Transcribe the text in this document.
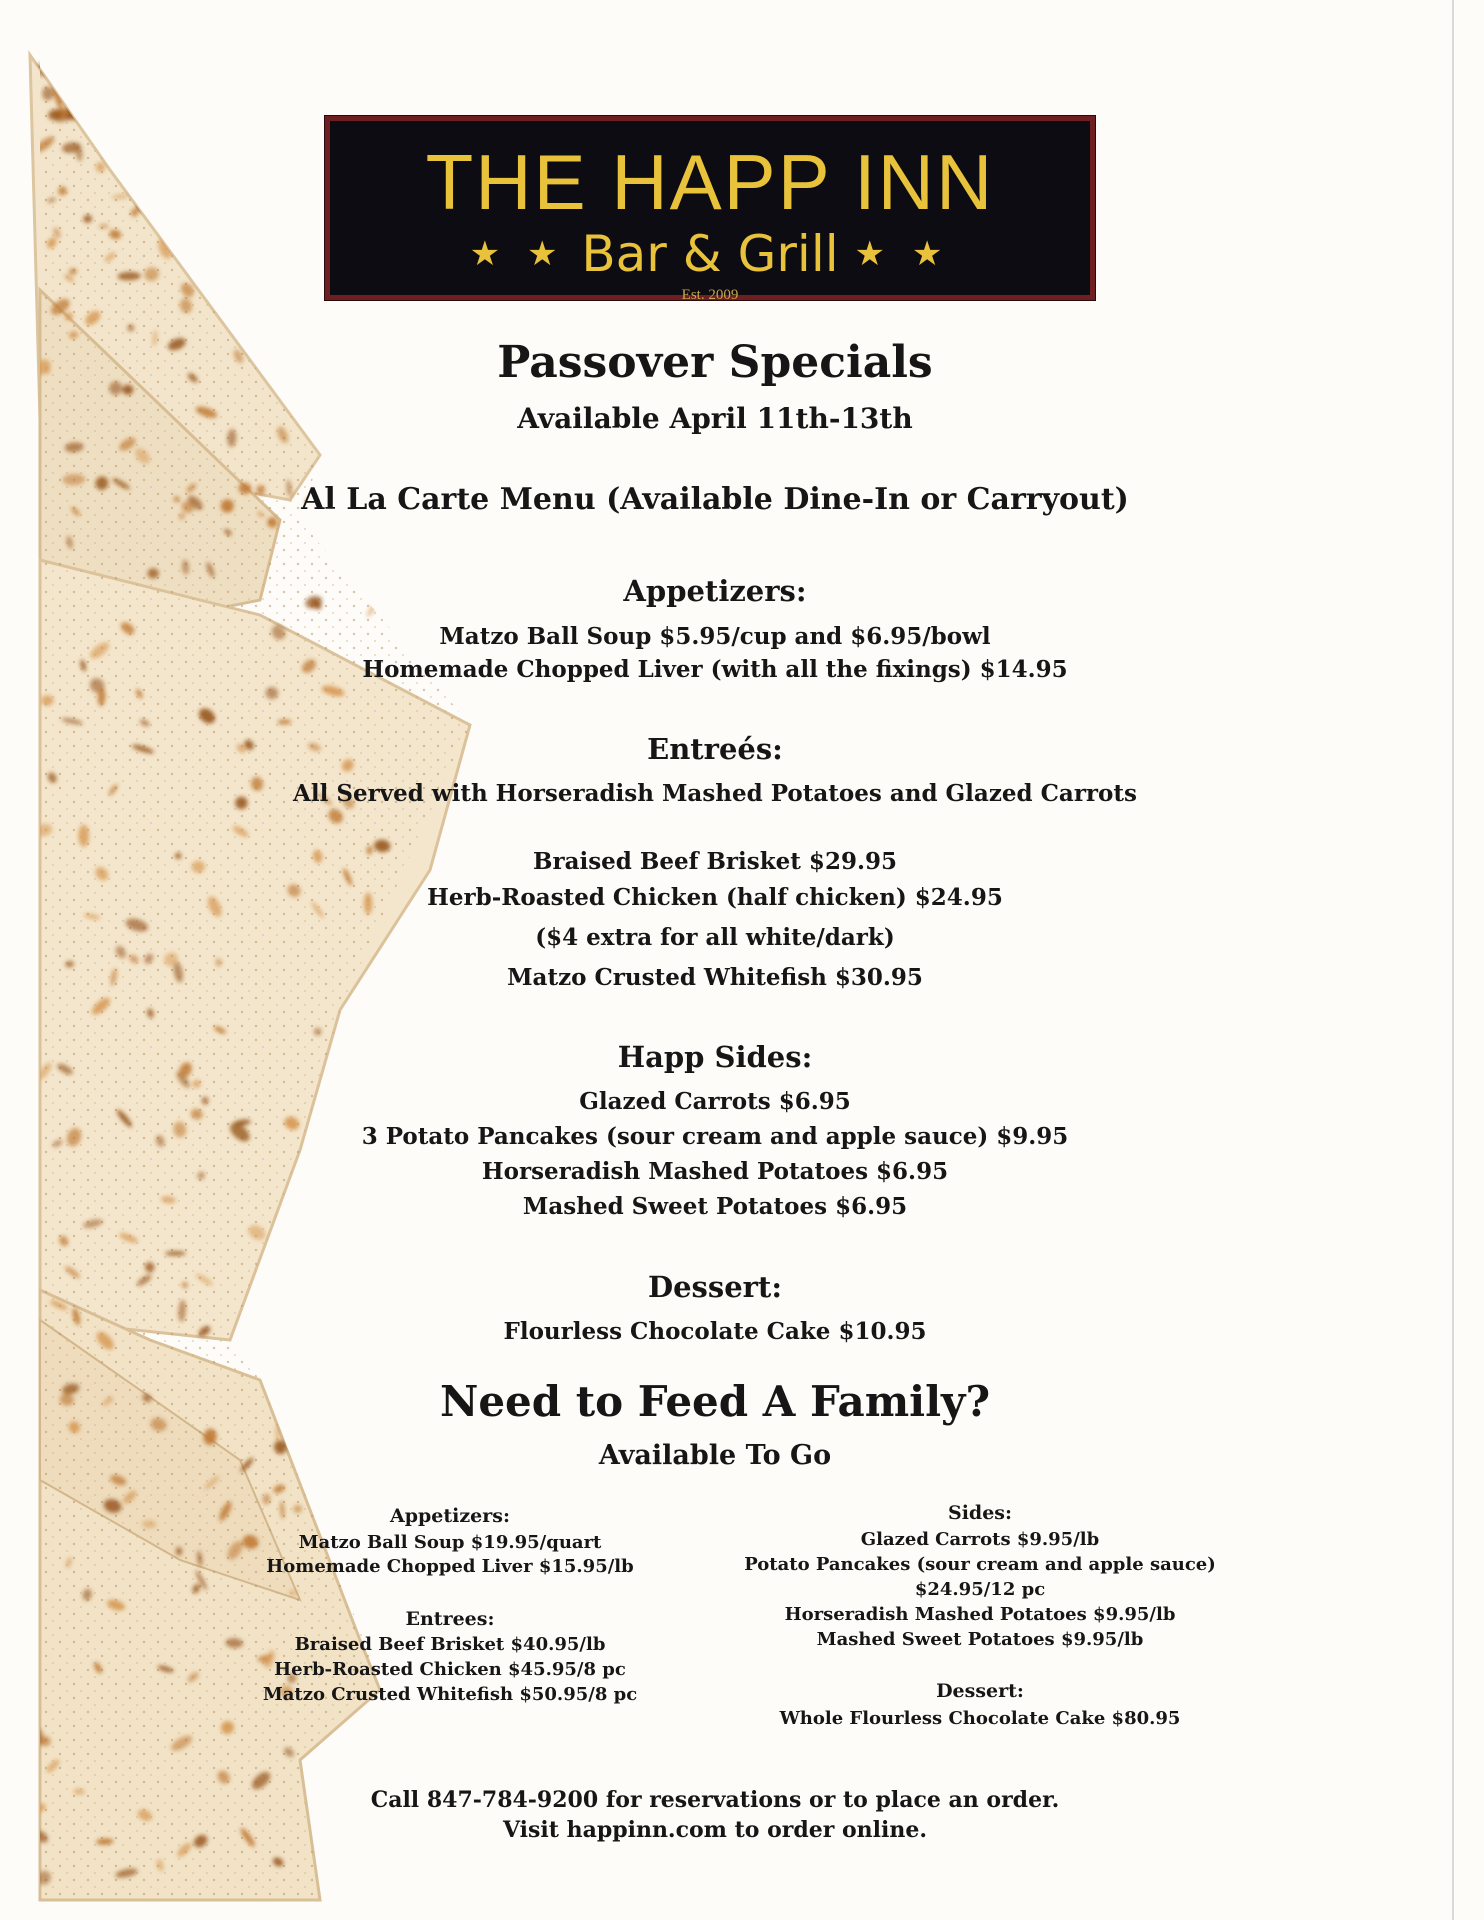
THE HAPP INN
★ ★ Bar & Grill ★ ★
Est. 2009
Passover Specials
Available April 11th-13th
Al La Carte Menu (Available Dine-In or Carryout)
Appetizers:
Matzo Ball Soup $5.95/cup and $6.95/bowl
Homemade Chopped Liver (with all the fixings) $14.95
Entreés:
All Served with Horseradish Mashed Potatoes and Glazed Carrots
Braised Beef Brisket $29.95
Herb-Roasted Chicken (half chicken) $24.95
($4 extra for all white/dark)
Matzo Crusted Whitefish $30.95
Happ Sides:
Glazed Carrots $6.95
3 Potato Pancakes (sour cream and apple sauce) $9.95
Horseradish Mashed Potatoes $6.95
Mashed Sweet Potatoes $6.95
Dessert:
Flourless Chocolate Cake $10.95
Need to Feed A Family?
Available To Go
Appetizers:
Matzo Ball Soup $19.95/quart
Homemade Chopped Liver $15.95/lb
Entrees:
Braised Beef Brisket $40.95/lb
Herb-Roasted Chicken $45.95/8 pc
Matzo Crusted Whitefish $50.95/8 pc
Sides:
Glazed Carrots $9.95/lb
Potato Pancakes (sour cream and apple sauce)
$24.95/12 pc
Horseradish Mashed Potatoes $9.95/lb
Mashed Sweet Potatoes $9.95/lb
Dessert:
Whole Flourless Chocolate Cake $80.95
Call 847-784-9200 for reservations or to place an order.
Visit happinn.com to order online.
